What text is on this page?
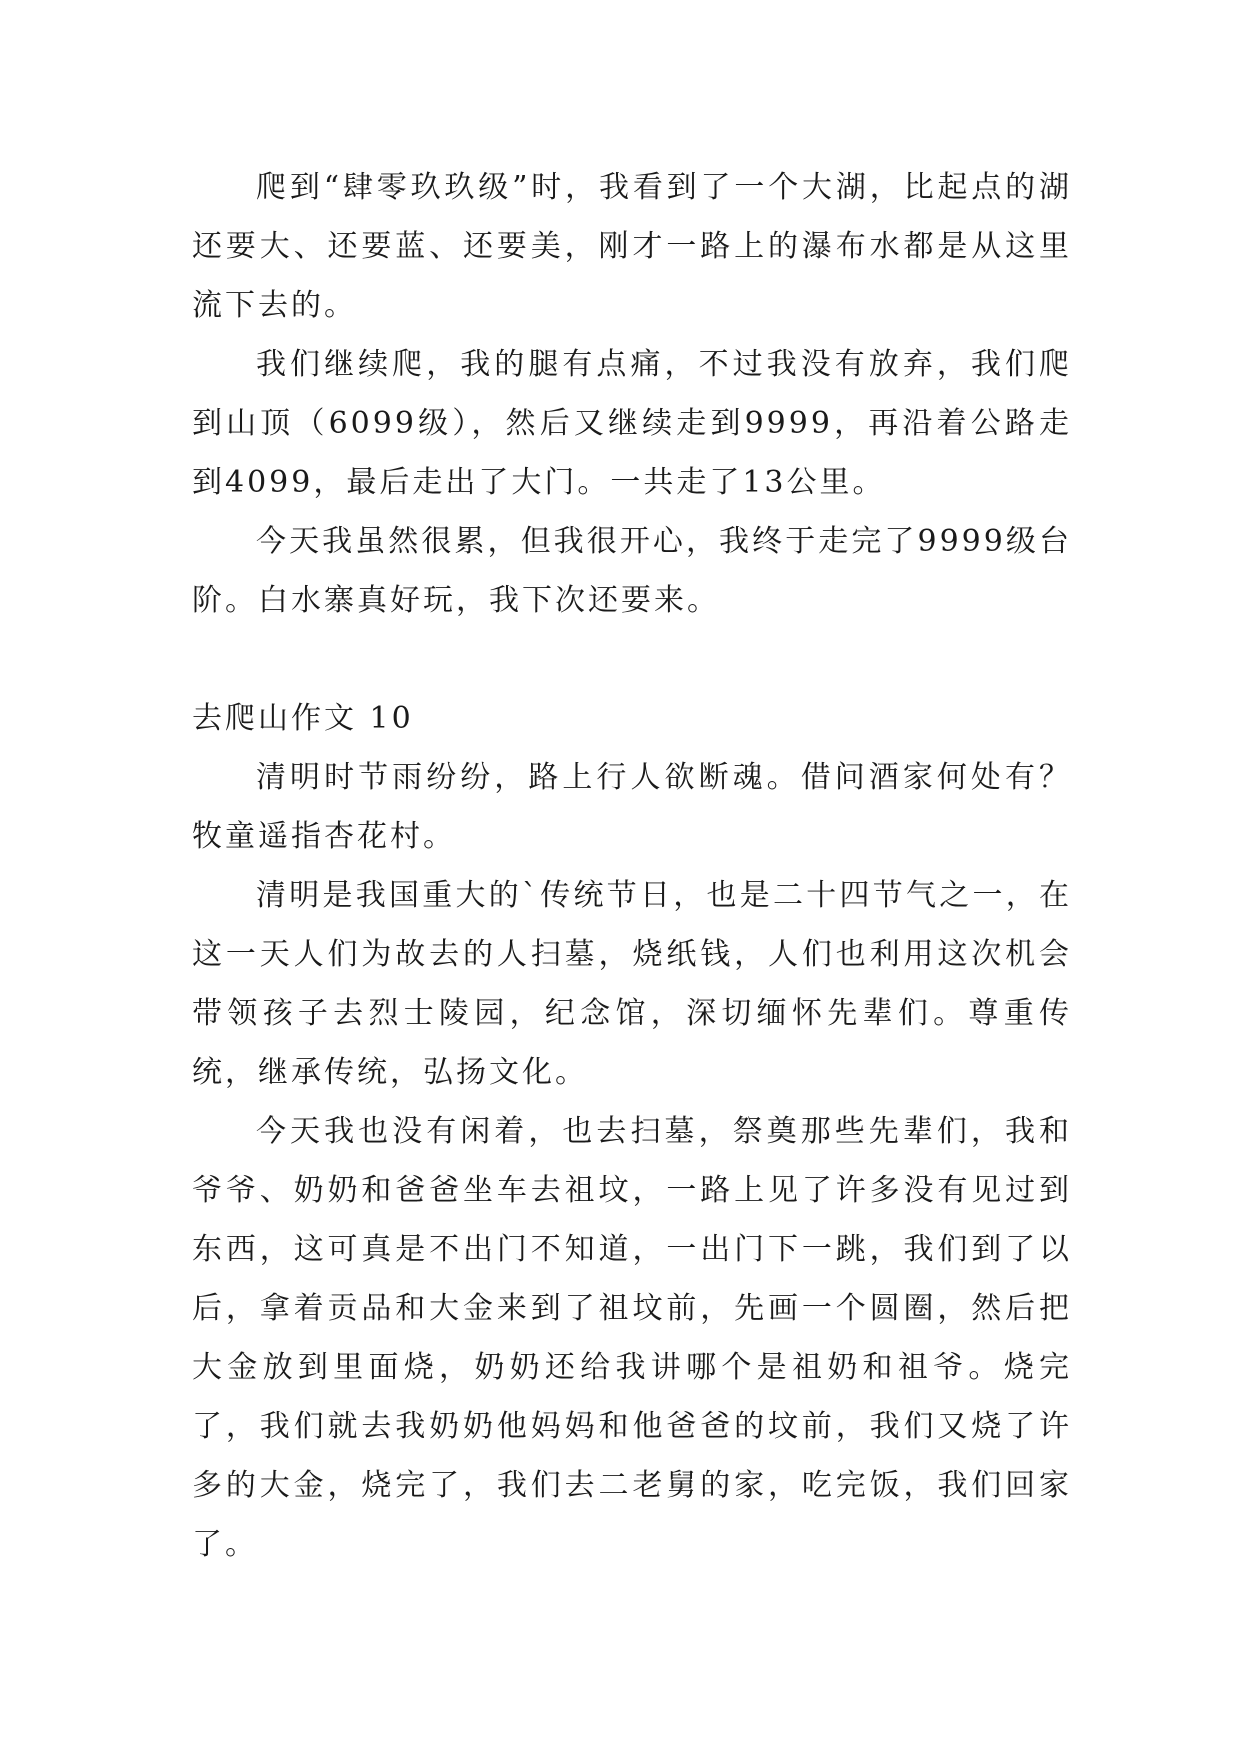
爬到“肆零玖玖级”时，我看到了一个大湖，比起点的湖还要大、还要蓝、还要美，刚才一路上的瀑布水都是从这里流下去的。

我们继续爬，我的腿有点痛，不过我没有放弃，我们爬到山顶（6099级），然后又继续走到9999，再沿着公路走到4099，最后走出了大门。一共走了13公里。

今天我虽然很累，但我很开心，我终于走完了9999级台阶。白水寨真好玩，我下次还要来。

去爬山作文 10

清明时节雨纷纷，路上行人欲断魂。借问酒家何处有？牧童遥指杏花村。

清明是我国重大的`传统节日，也是二十四节气之一，在这一天人们为故去的人扫墓，烧纸钱，人们也利用这次机会带领孩子去烈士陵园，纪念馆，深切缅怀先辈们。尊重传统，继承传统，弘扬文化。

今天我也没有闲着，也去扫墓，祭奠那些先辈们，我和爷爷、奶奶和爸爸坐车去祖坟，一路上见了许多没有见过到东西，这可真是不出门不知道，一出门下一跳，我们到了以后，拿着贡品和大金来到了祖坟前，先画一个圆圈，然后把大金放到里面烧，奶奶还给我讲哪个是祖奶和祖爷。烧完了，我们就去我奶奶他妈妈和他爸爸的坟前，我们又烧了许多的大金，烧完了，我们去二老舅的家，吃完饭，我们回家了。
